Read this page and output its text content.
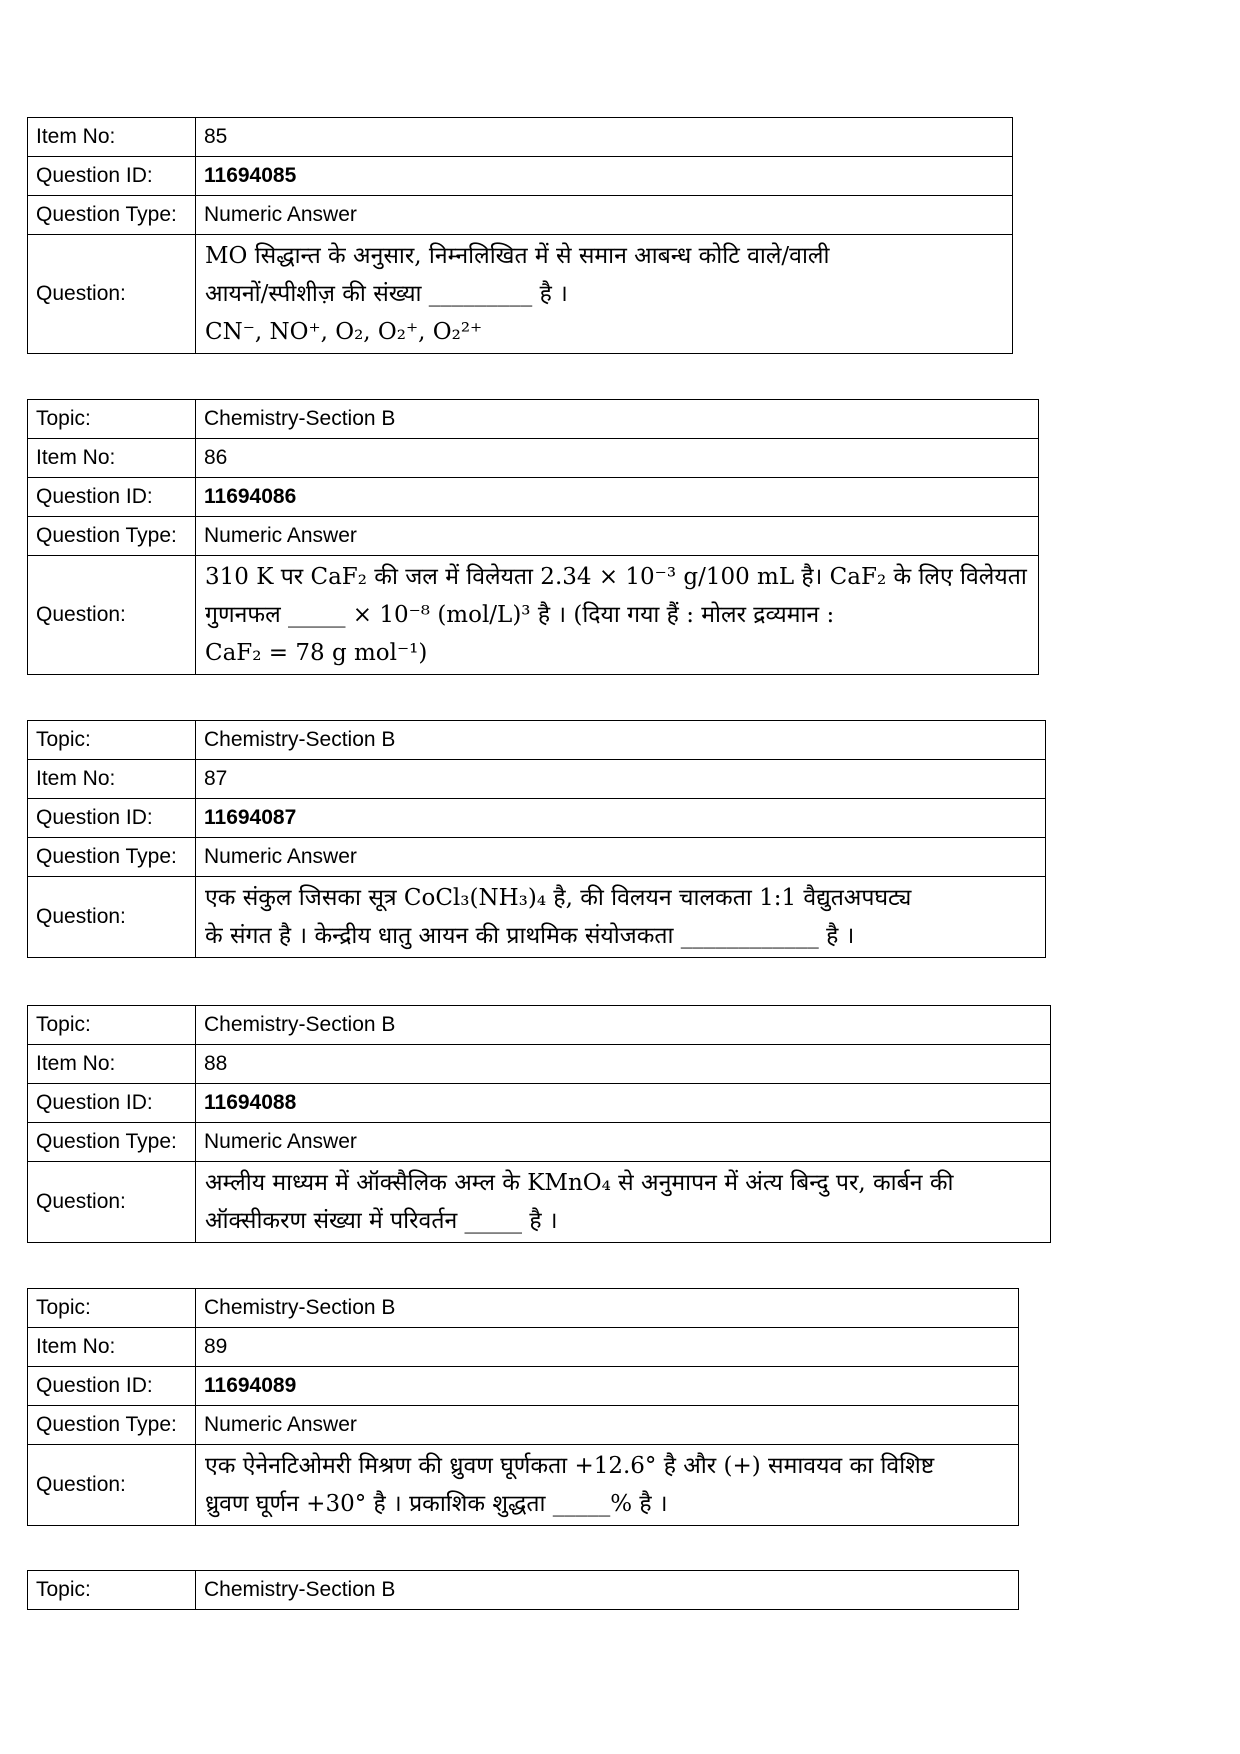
Item No:	85
Question ID:	11694085
Question Type:	Numeric Answer
Question:	MO सिद्धान्त के अनुसार, निम्नलिखित में से समान आबन्ध कोटि वाले/वाली
आयनों/स्पीशीज़ की संख्या _________ है ।
CN⁻, NO⁺, O₂, O₂⁺, O₂²⁺
Topic:	Chemistry-Section B
Item No:	86
Question ID:	11694086
Question Type:	Numeric Answer
Question:	310 K पर CaF₂ की जल में विलेयता 2.34 × 10⁻³ g/100 mL है। CaF₂ के लिए विलेयता
गुणनफल _____ × 10⁻⁸ (mol/L)³ है । (दिया गया हैं : मोलर द्रव्यमान :
CaF₂ = 78 g mol⁻¹)
Topic:	Chemistry-Section B
Item No:	87
Question ID:	11694087
Question Type:	Numeric Answer
Question:	एक संकुल जिसका सूत्र CoCl₃(NH₃)₄ है, की विलयन चालकता 1:1 वैद्युतअपघट्य
के संगत है । केन्द्रीय धातु आयन की प्राथमिक संयोजकता ____________ है ।
Topic:	Chemistry-Section B
Item No:	88
Question ID:	11694088
Question Type:	Numeric Answer
Question:	अम्लीय माध्यम में ऑक्सैलिक अम्ल के KMnO₄ से अनुमापन में अंत्य बिन्दु पर, कार्बन की
ऑक्सीकरण संख्या में परिवर्तन _____ है ।
Topic:	Chemistry-Section B
Item No:	89
Question ID:	11694089
Question Type:	Numeric Answer
Question:	एक ऐनेनटिओमरी मिश्रण की ध्रुवण घूर्णकता +12.6° है और (+) समावयव का विशिष्ट
ध्रुवण घूर्णन +30° है । प्रकाशिक शुद्धता _____% है ।
Topic:	Chemistry-Section B
